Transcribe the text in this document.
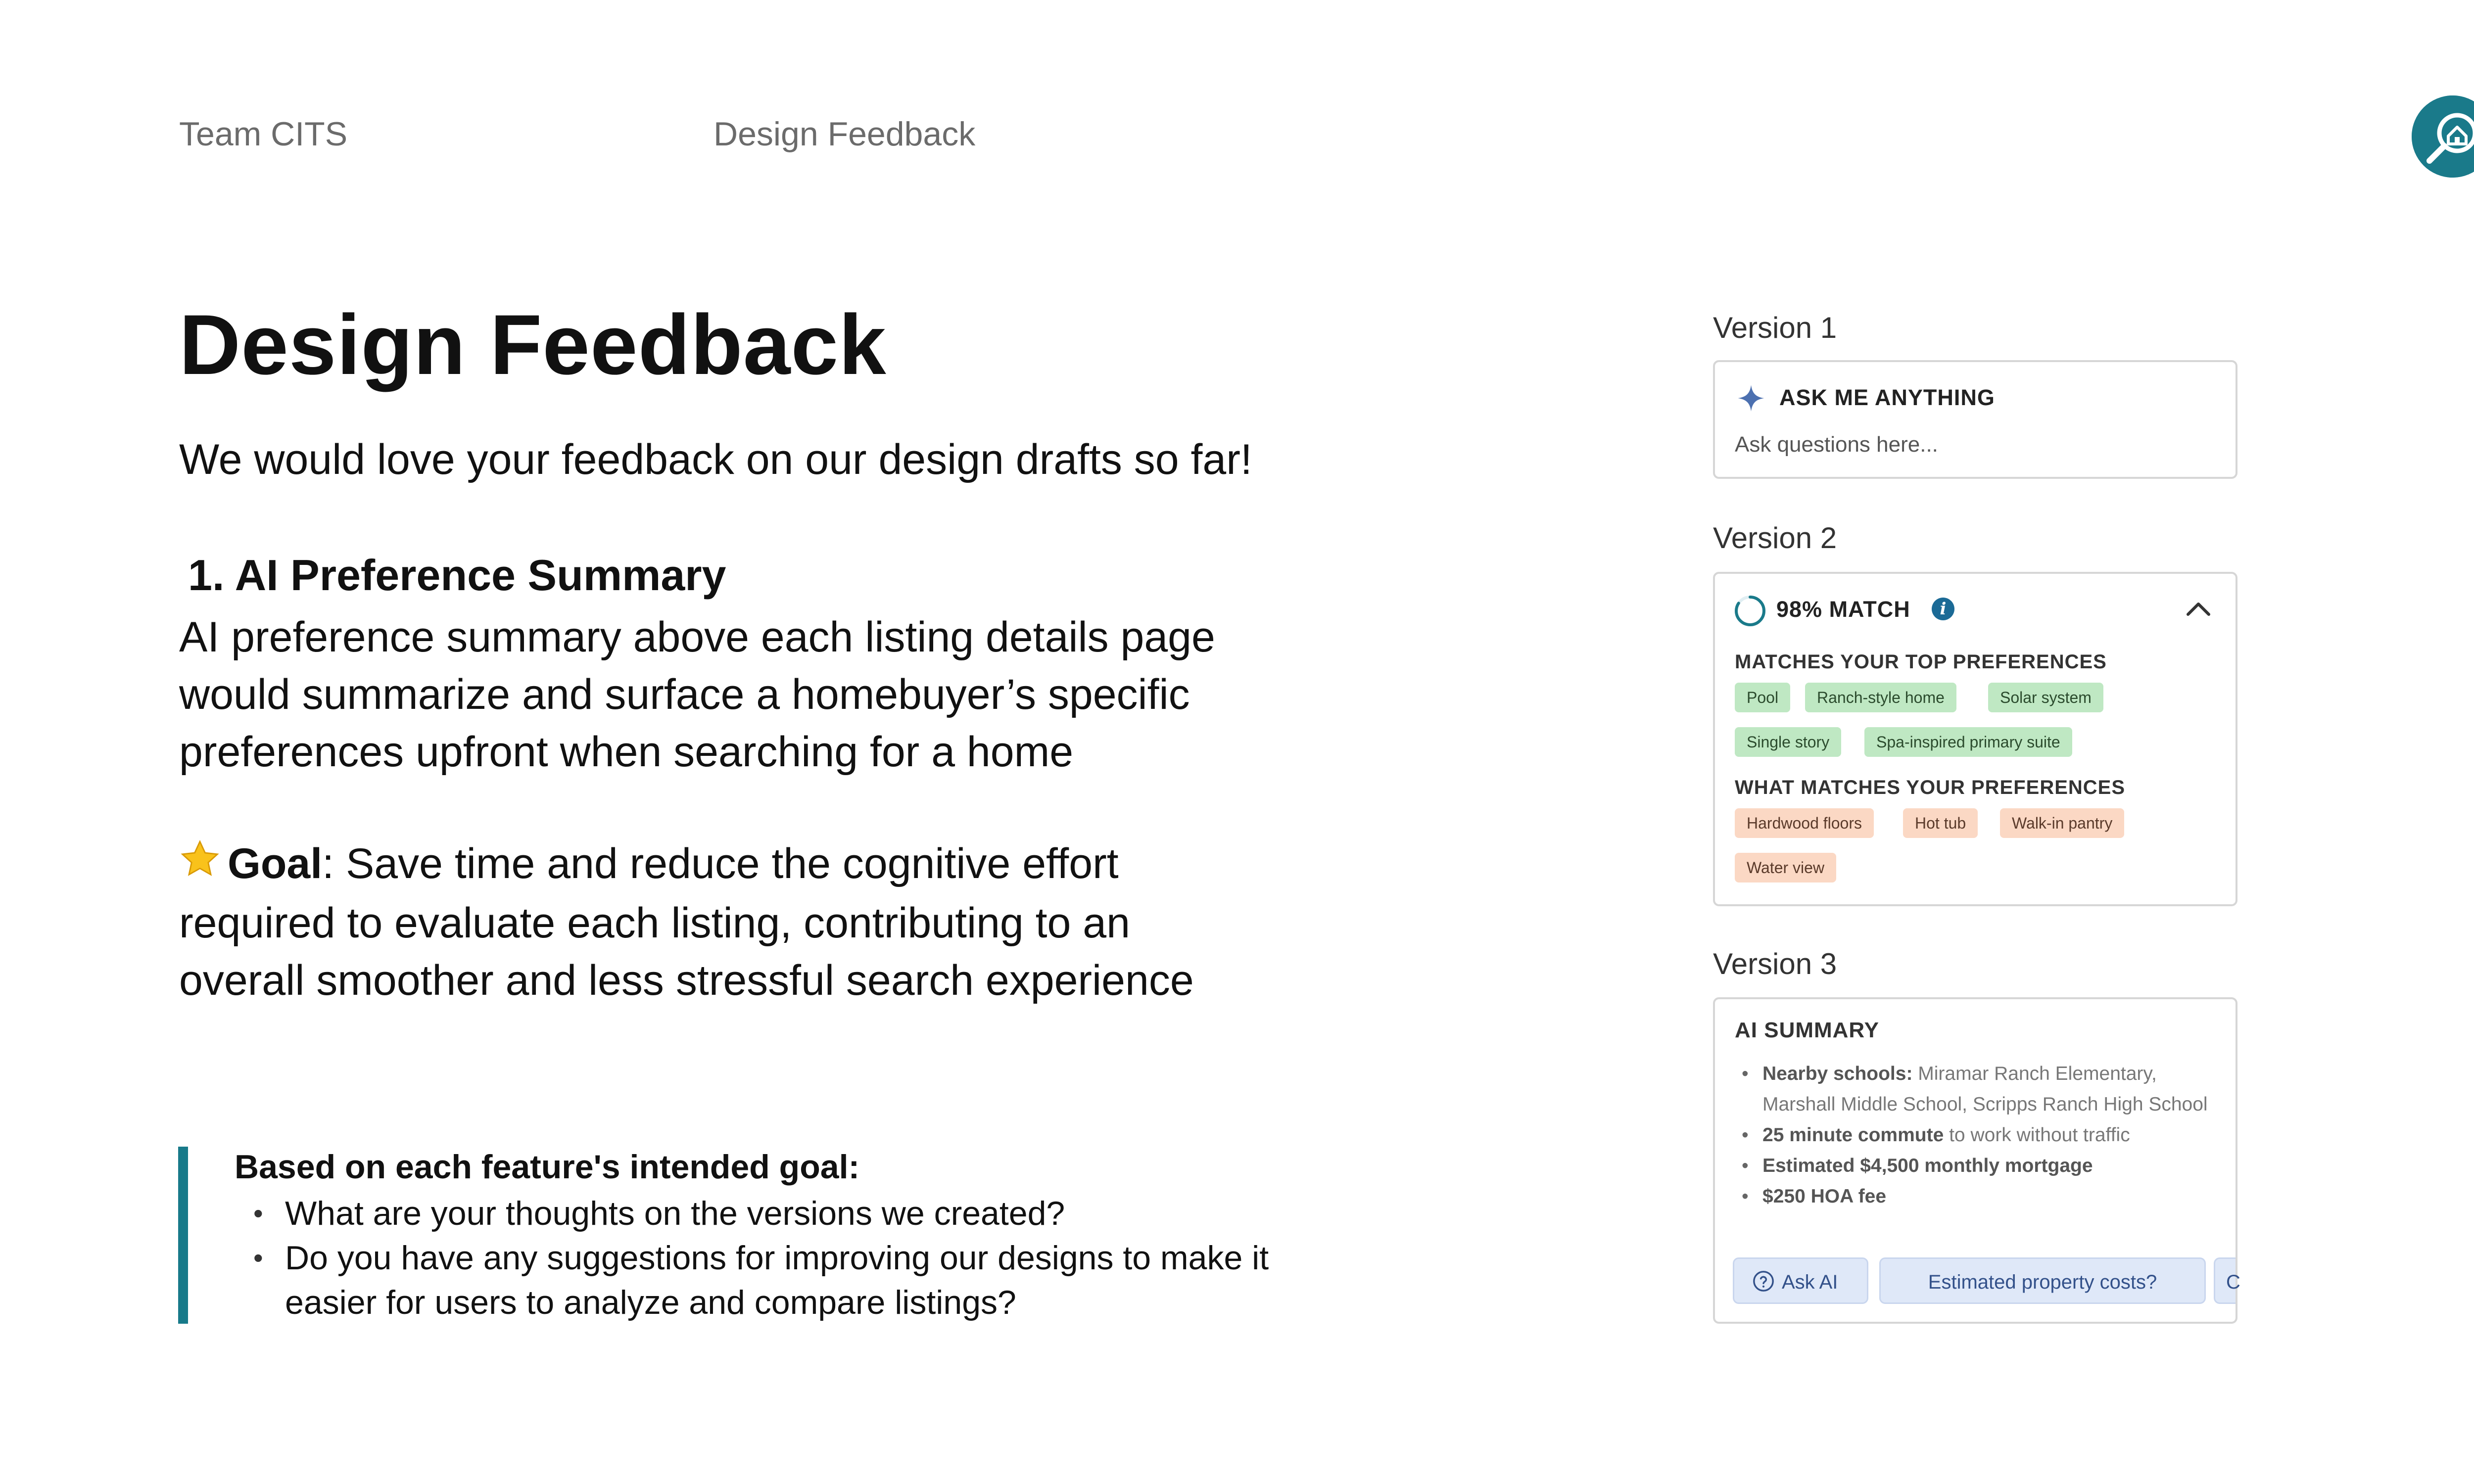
Team CITS	Design Feedback
Design Feedback
We would love your feedback on our design drafts so far!
1. AI Preference Summary
AI preference summary above each listing details page
would summarize and surface a homebuyer’s specific
preferences upfront when searching for a home
Goal: Save time and reduce the cognitive effort
required to evaluate each listing, contributing to an
overall smoother and less stressful search experience
Based on each feature's intended goal:
• What are your thoughts on the versions we created?
• Do you have any suggestions for improving our designs to make it easier for users to analyze and compare listings?
Version 1
ASK ME ANYTHING
Ask questions here...
Version 2
98% MATCH	i
MATCHES YOUR TOP PREFERENCES
Pool	Ranch-style home	Solar system
Single story	Spa-inspired primary suite
WHAT MATCHES YOUR PREFERENCES
Hardwood floors	Hot tub	Walk-in pantry
Water view
Version 3
AI SUMMARY
• Nearby schools: Miramar Ranch Elementary, Marshall Middle School, Scripps Ranch High School
• 25 minute commute to work without traffic
• Estimated $4,500 monthly mortgage
• $250 HOA fee
Ask AI	Estimated property costs?	C
